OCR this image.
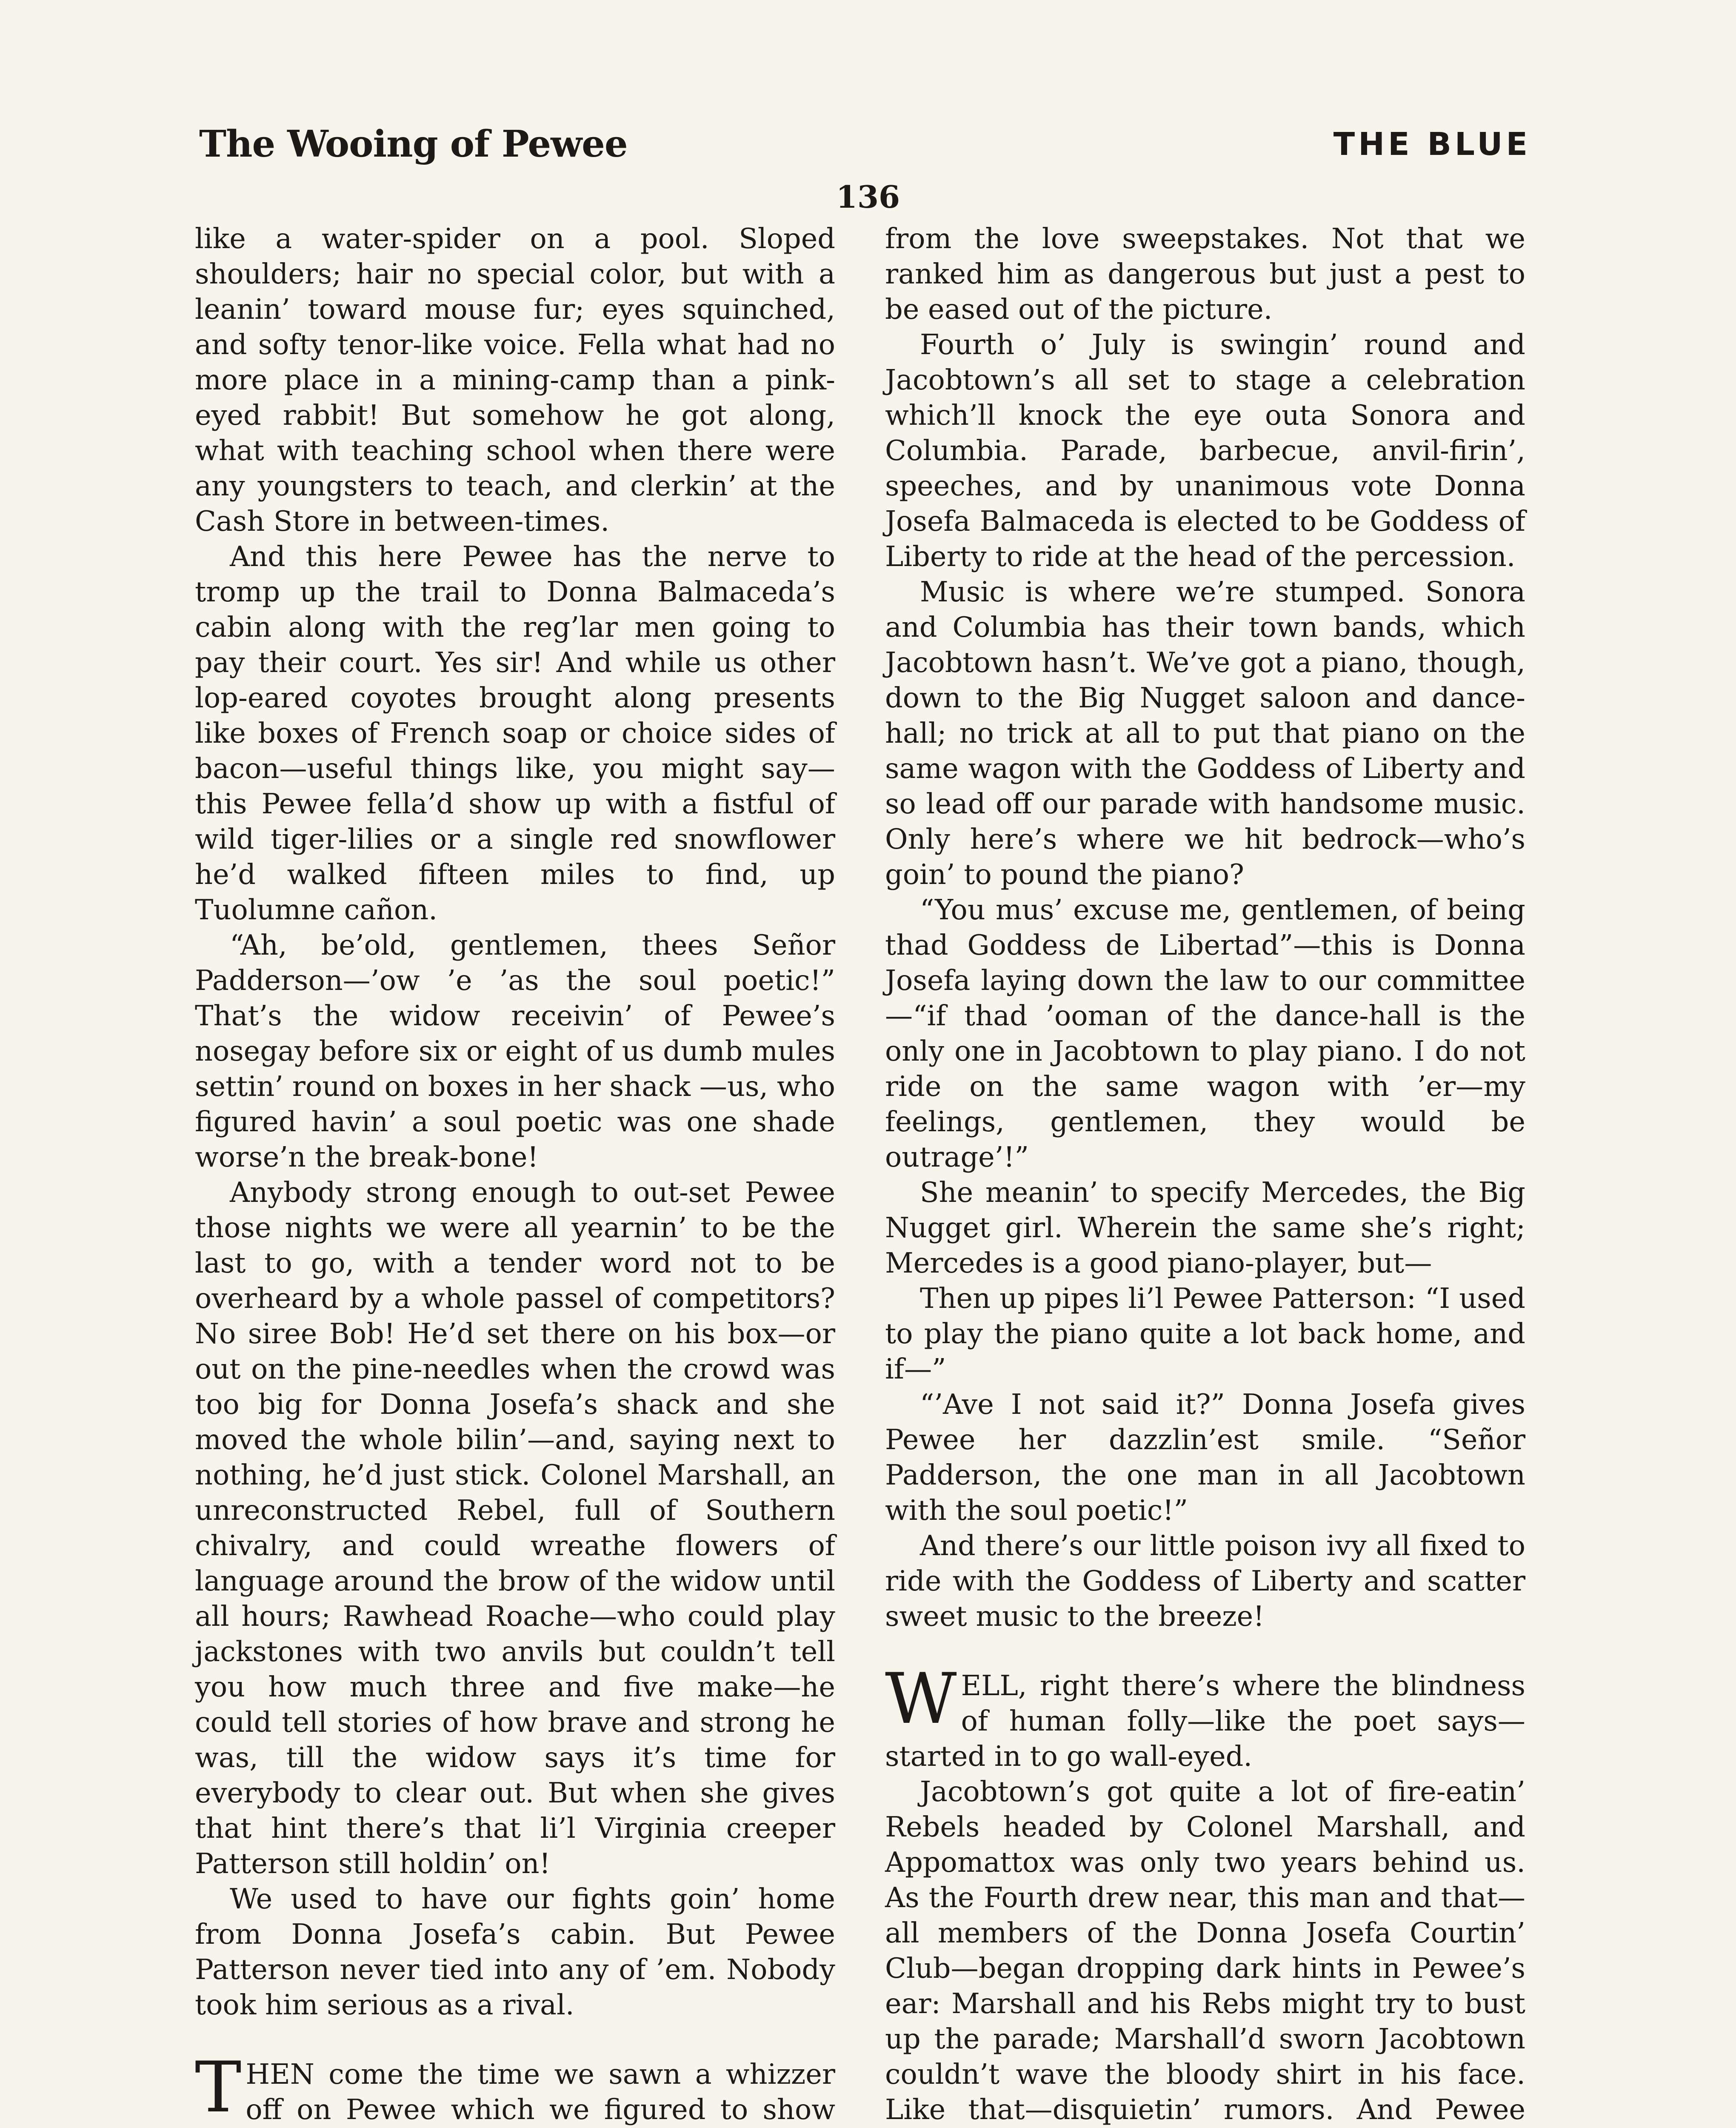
The Wooing of Pewee	THE BLUE
136

like a water-spider on a pool. Sloped shoulders; hair no special color, but with a leanin’ toward mouse fur; eyes squinched, and softy tenor-like voice. Fella what had no more place in a mining-camp than a pink-eyed rabbit! But somehow he got along, what with teaching school when there were any youngsters to teach, and clerkin’ at the Cash Store in between-times.

And this here Pewee has the nerve to tromp up the trail to Donna Balmaceda’s cabin along with the reg’lar men going to pay their court. Yes sir! And while us other lop-eared coyotes brought along presents like boxes of French soap or choice sides of bacon—useful things like, you might say—this Pewee fella’d show up with a fistful of wild tiger-lilies or a single red snowflower he’d walked fifteen miles to find, up Tuolumne cañon.

“Ah, be’old, gentlemen, thees Señor Padderson—’ow ’e ’as the soul poetic!” That’s the widow receivin’ of Pewee’s nosegay before six or eight of us dumb mules settin’ round on boxes in her shack —us, who figured havin’ a soul poetic was one shade worse’n the break-bone!

Anybody strong enough to out-set Pewee those nights we were all yearnin’ to be the last to go, with a tender word not to be overheard by a whole passel of competitors? No siree Bob! He’d set there on his box—or out on the pine-needles when the crowd was too big for Donna Josefa’s shack and she moved the whole bilin’—and, saying next to nothing, he’d just stick. Colonel Marshall, an unreconstructed Rebel, full of Southern chivalry, and could wreathe flowers of language around the brow of the widow until all hours; Rawhead Roache—who could play jackstones with two anvils but couldn’t tell you how much three and five make—he could tell stories of how brave and strong he was, till the widow says it’s time for everybody to clear out. But when she gives that hint there’s that li’l Virginia creeper Patterson still holdin’ on!

We used to have our fights goin’ home from Donna Josefa’s cabin. But Pewee Patterson never tied into any of ’em. Nobody took him serious as a rival.

THEN come the time we sawn a whizzer off on Pewee which we figured to show

from the love sweepstakes. Not that we ranked him as dangerous but just a pest to be eased out of the picture.

Fourth o’ July is swingin’ round and Jacobtown’s all set to stage a celebration which’ll knock the eye outa Sonora and Columbia. Parade, barbecue, anvil-firin’, speeches, and by unanimous vote Donna Josefa Balmaceda is elected to be Goddess of Liberty to ride at the head of the percession.

Music is where we’re stumped. Sonora and Columbia has their town bands, which Jacobtown hasn’t. We’ve got a piano, though, down to the Big Nugget saloon and dance-hall; no trick at all to put that piano on the same wagon with the Goddess of Liberty and so lead off our parade with handsome music. Only here’s where we hit bedrock—who’s goin’ to pound the piano?

“You mus’ excuse me, gentlemen, of being thad Goddess de Libertad”—this is Donna Josefa laying down the law to our committee—“if thad ’ooman of the dance-hall is the only one in Jacobtown to play piano. I do not ride on the same wagon with ’er—my feelings, gentlemen, they would be outrage’!”

She meanin’ to specify Mercedes, the Big Nugget girl. Wherein the same she’s right; Mercedes is a good piano-player, but—

Then up pipes li’l Pewee Patterson: “I used to play the piano quite a lot back home, and if—”

“’Ave I not said it?” Donna Josefa gives Pewee her dazzlin’est smile. “Señor Padderson, the one man in all Jacobtown with the soul poetic!”

And there’s our little poison ivy all fixed to ride with the Goddess of Liberty and scatter sweet music to the breeze!

WELL, right there’s where the blindness of human folly—like the poet says—started in to go wall-eyed.

Jacobtown’s got quite a lot of fire-eatin’ Rebels headed by Colonel Marshall, and Appomattox was only two years behind us. As the Fourth drew near, this man and that—all members of the Donna Josefa Courtin’ Club—began dropping dark hints in Pewee’s ear: Marshall and his Rebs might try to bust up the parade; Marshall’d sworn Jacobtown couldn’t wave the bloody shirt in his face. Like that—disquietin’ rumors. And Pewee
